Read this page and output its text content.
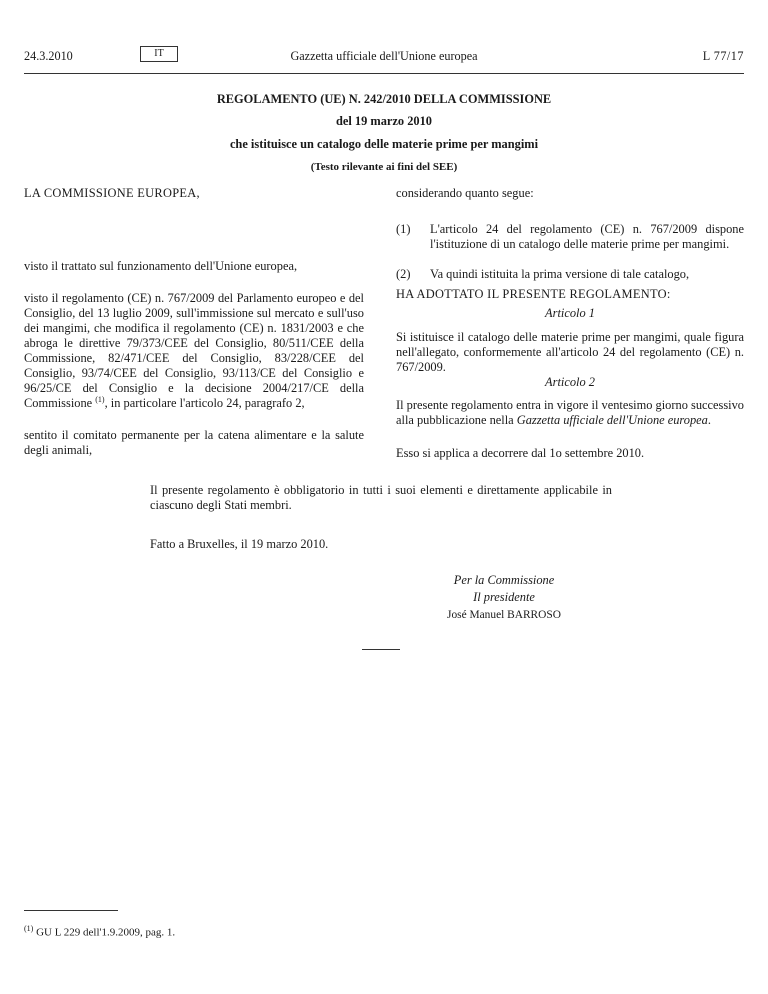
24.3.2010	IT	Gazzetta ufficiale dell'Unione europea	L 77/17
REGOLAMENTO (UE) N. 242/2010 DELLA COMMISSIONE
del 19 marzo 2010
che istituisce un catalogo delle materie prime per mangimi
(Testo rilevante ai fini del SEE)
LA COMMISSIONE EUROPEA,
visto il trattato sul funzionamento dell'Unione europea,
visto il regolamento (CE) n. 767/2009 del Parlamento europeo e del Consiglio, del 13 luglio 2009, sull'immissione sul mercato e sull'uso dei mangimi, che modifica il regolamento (CE) n. 1831/2003 e che abroga le direttive 79/373/CEE del Consiglio, 80/511/CEE della Commissione, 82/471/CEE del Consiglio, 83/228/CEE del Consiglio, 93/74/CEE del Consiglio, 93/113/CE del Consiglio e 96/25/CE del Consiglio e la decisione 2004/217/CE della Commissione $^{(1)}$, in particolare l'articolo 24, paragrafo 2,
sentito il comitato permanente per la catena alimentare e la salute degli animali,
considerando quanto segue:
(1) L'articolo 24 del regolamento (CE) n. 767/2009 dispone l'istituzione di un catalogo delle materie prime per mangimi.
(2) Va quindi istituita la prima versione di tale catalogo,
HA ADOTTATO IL PRESENTE REGOLAMENTO:
Articolo 1
Si istituisce il catalogo delle materie prime per mangimi, quale figura nell'allegato, conformemente all'articolo 24 del regolamento (CE) n. 767/2009.
Articolo 2
Il presente regolamento entra in vigore il ventesimo giorno successivo alla pubblicazione nella Gazzetta ufficiale dell'Unione europea.
Esso si applica a decorrere dal 1o settembre 2010.
Il presente regolamento è obbligatorio in tutti i suoi elementi e direttamente applicabile in ciascuno degli Stati membri.
Fatto a Bruxelles, il 19 marzo 2010.
Per la Commissione
Il presidente
José Manuel BARROSO
$^{(1)}$ GU L 229 dell'1.9.2009, pag. 1.
